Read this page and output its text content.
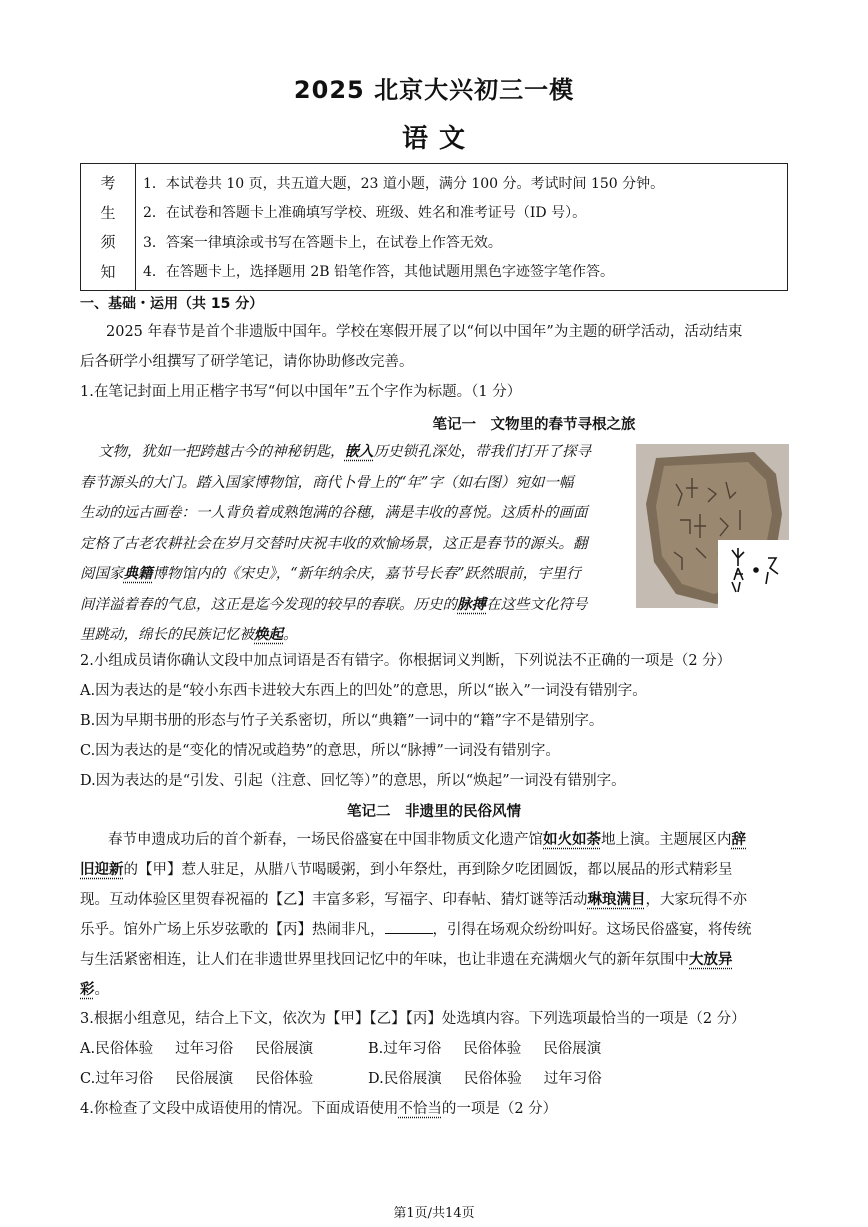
2025 北京大兴初三一模
语 文
考
生
须
知
1．本试卷共 10 页，共五道大题，23 道小题，满分 100 分。考试时间 150 分钟。
2．在试卷和答题卡上准确填写学校、班级、姓名和准考证号（ID 号）。
3．答案一律填涂或书写在答题卡上，在试卷上作答无效。
4．在答题卡上，选择题用 2B 铅笔作答，其他试题用黑色字迹签字笔作答。
一、基础・运用（共 15 分）
2025 年春节是首个非遗版中国年。学校在寒假开展了以“何以中国年”为主题的研学活动，活动结束
后各研学小组撰写了研学笔记，请你协助修改完善。
1.在笔记封面上用正楷字书写“何以中国年”五个字作为标题。（1 分）
笔记一　文物里的春节寻根之旅
文物，犹如一把跨越古今的神秘钥匙，嵌入历史锁孔深处，带我们打开了探寻
春节源头的大门。踏入国家博物馆，商代卜骨上的“年”字（如右图）宛如一幅
生动的远古画卷：一人背负着成熟饱满的谷穗，满是丰收的喜悦。这质朴的画面
定格了古老农耕社会在岁月交替时庆祝丰收的欢愉场景，这正是春节的源头。翻
阅国家典籍博物馆内的《宋史》，“新年纳余庆，嘉节号长春”跃然眼前，宇里行
间洋溢着春的气息，这正是迄今发现的较早的春联。历史的脉搏在这些文化符号
里跳动，绵长的民族记忆被焕起。
2.小组成员请你确认文段中加点词语是否有错字。你根据词义判断，下列说法不正确的一项是（2 分）
A.因为表达的是“较小东西卡进较大东西上的凹处”的意思，所以“嵌入”一词没有错别字。
B.因为早期书册的形态与竹子关系密切，所以“典籍”一词中的“籍”字不是错别字。
C.因为表达的是“变化的情况或趋势”的意思，所以“脉搏”一词没有错别字。
D.因为表达的是“引发、引起（注意、回忆等）”的意思，所以“焕起”一词没有错别字。
笔记二　非遗里的民俗风情
春节申遗成功后的首个新春，一场民俗盛宴在中国非物质文化遗产馆如火如荼地上演。主题展区内辞
旧迎新的【甲】惹人驻足，从腊八节喝暖粥，到小年祭灶，再到除夕吃团圆饭，都以展品的形式精彩呈
现。互动体验区里贺春祝福的【乙】丰富多彩，写福字、印春帖、猜灯谜等活动琳琅满目，大家玩得不亦
乐乎。馆外广场上乐岁弦歌的【丙】热闹非凡，	，引得在场观众纷纷叫好。这场民俗盛宴，将传统
与生活紧密相连，让人们在非遗世界里找回记忆中的年味，也让非遗在充满烟火气的新年氛围中大放异
彩。
3.根据小组意见，结合上下文，依次为【甲】【乙】【丙】处选填内容。下列选项最恰当的一项是（2 分）
A.民俗体验 过年习俗 民俗展演	B.过年习俗 民俗体验 民俗展演
C.过年习俗 民俗展演 民俗体验	D.民俗展演 民俗体验 过年习俗
4.你检查了文段中成语使用的情况。下面成语使用不恰当的一项是（2 分）
第1页/共14页
